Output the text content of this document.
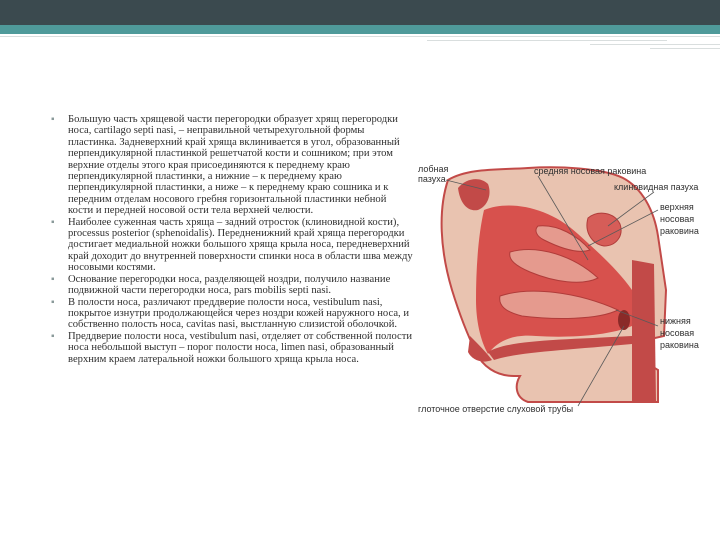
▪ Большую часть хрящевой части перегородки образует хрящ перегородки носа, cartilago septi nasi, – неправильной четырехугольной формы пластинка. Задневерхний край хряща вклинивается в угол, образованный перпендикулярной пластинкой решетчатой кости и сошником; при этом верхние отделы этого края присоединяются к переднему краю перпендикулярной пластинки, а нижние – к переднему краю перпендикулярной пластинки, а ниже – к переднему краю сошника и к передним отделам носового гребня горизонтальной пластинки небной кости и передней носовой ости тела верхней челюсти.
▪ Наиболее суженная часть хряща – задний отросток (клиновидной кости), processus posterior (sphenoidalis). Передненижний край хряща перегородки достигает медиальной ножки большого хряща крыла носа, передневерхний край доходит до внутренней поверхности спинки носа в области шва между носовыми костями.
▪ Основание перегородки носа, разделяющей ноздри, получило название подвижной части перегородки носа, pars mobilis septi nasi.
▪ В полости носа, различают преддверие полости носа, vestibulum nasi, покрытое изнутри продолжающейся через ноздри кожей наружного носа, и собственно полость носа, cavitas nasi, выстланную слизистой оболочкой.
▪ Преддверие полости носа, vestibulum nasi, отделяет от собственной полости носа небольшой выступ – порог полости носа, limen nasi, образованный верхним краем латеральной ножки большого хряща крыла носа.
лобная пазуха
средняя носовая раковина
клиновидная пазуха
верхняя носовая раковина
нижняя носовая раковина
глоточное отверстие слуховой трубы
